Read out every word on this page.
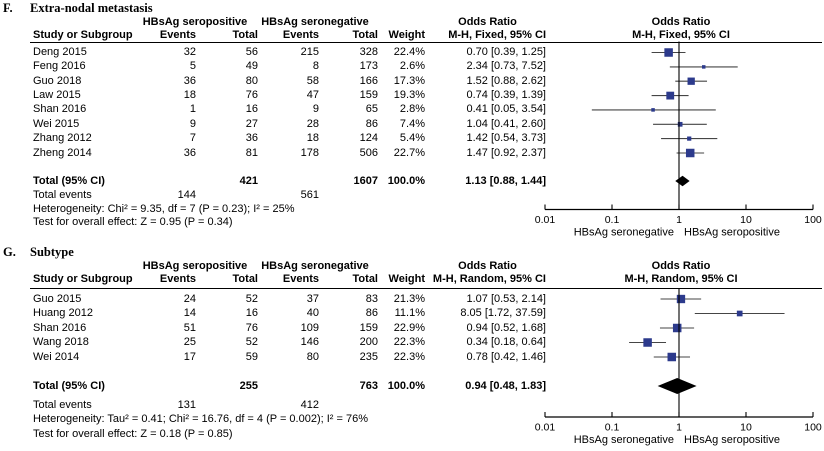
F.	Extra-nodal metastasis
HBsAg seropositive	HBsAg seronegative	Odds Ratio	Odds Ratio
Study or Subgroup	Events	Total	Events	Total Weight	M-H, Fixed, 95% CI	M-H, Fixed, 95% CI
Deng 2015	32	56	215	328	22.4%	0.70 [0.39, 1.25]
Feng 2016	5	49	8	173	2.6%	2.34 [0.73, 7.52]
Guo 2018	36	80	58	166	17.3%	1.52 [0.88, 2.62]
Law 2015	18	76	47	159	19.3%	0.74 [0.39, 1.39]
Shan 2016	1	16	9	65	2.8%	0.41 [0.05, 3.54]
Wei 2015	9	27	28	86	7.4%	1.04 [0.41, 2.60]
Zhang 2012	7	36	18	124	5.4%	1.42 [0.54, 3.73]
Zheng 2014	36	81	178	506	22.7%	1.47 [0.92, 2.37]
Total (95% CI)	421	1607 100.0%	1.13 [0.88, 1.44]
Total events	144	561
Heterogeneity: Chi² = 9.35, df = 7 (P = 0.23); I² = 25%
Test for overall effect: Z = 0.95 (P = 0.34)
G.	Subtype
HBsAg seropositive	HBsAg seronegative	Odds Ratio	Odds Ratio
Study or Subgroup	Events	Total	Events	Total Weight M-H, Random, 95% CI	M-H, Random, 95% CI
Guo 2015	24	52	37	83	21.3%	1.07 [0.53, 2.14]
Huang 2012	14	16	40	86	11.1%	8.05 [1.72, 37.59]
Shan 2016	51	76	109	159	22.9%	0.94 [0.52, 1.68]
Wang 2018	25	52	146	200	22.3%	0.34 [0.18, 0.64]
Wei 2014	17	59	80	235	22.3%	0.78 [0.42, 1.46]
Total (95% CI)	255	763 100.0%	0.94 [0.48, 1.83]
Total events	131	412
Heterogeneity: Tau² = 0.41; Chi² = 16.76, df = 4 (P = 0.002); I² = 76%
Test for overall effect: Z = 0.18 (P = 0.85)
0.01	0.1	1	10	100
HBsAg seronegative HBsAg seropositive
0.01	0.1	1	10	100
HBsAg seronegative HBsAg seropositive
